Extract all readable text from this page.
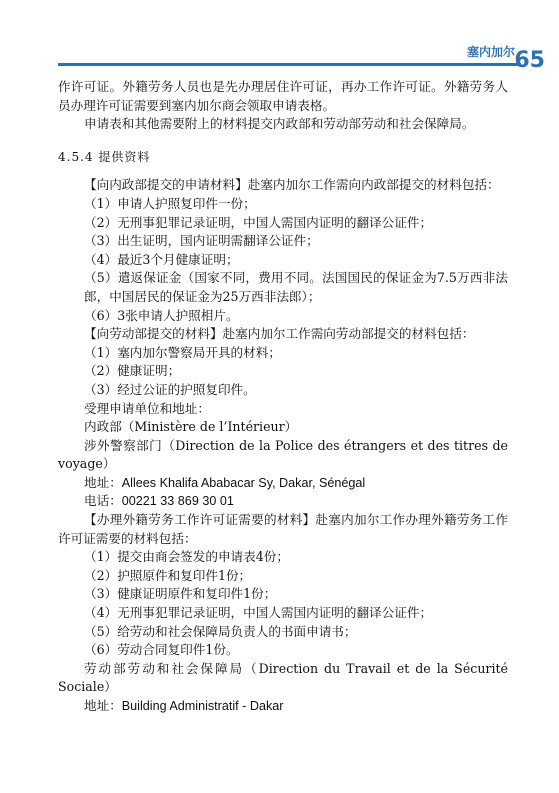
塞内加尔 65

作许可证。外籍劳务人员也是先办理居住许可证，再办工作许可证。外籍劳务人员办理许可证需要到塞内加尔商会领取申请表格。

申请表和其他需要附上的材料提交内政部和劳动部劳动和社会保障局。

4.5.4 提供资料

【向内政部提交的申请材料】赴塞内加尔工作需向内政部提交的材料包括：

（1）申请人护照复印件一份；

（2）无刑事犯罪记录证明，中国人需国内证明的翻译公证件；

（3）出生证明，国内证明需翻译公证件；

（4）最近3个月健康证明；

（5）遣返保证金（国家不同，费用不同。法国国民的保证金为7.5万西非法郎，中国居民的保证金为25万西非法郎）；

（6）3张申请人护照相片。

【向劳动部提交的材料】赴塞内加尔工作需向劳动部提交的材料包括：

（1）塞内加尔警察局开具的材料；

（2）健康证明；

（3）经过公证的护照复印件。

受理申请单位和地址：

内政部（Ministère de l’Intérieur）

涉外警察部门（Direction de la Police des étrangers et des titres de voyage）

地址：Allees Khalifa Ababacar Sy, Dakar, Sénégal

电话：00221 33 869 30 01

【办理外籍劳务工作许可证需要的材料】赴塞内加尔工作办理外籍劳务工作许可证需要的材料包括：

（1）提交由商会签发的申请表4份；

（2）护照原件和复印件1份；

（3）健康证明原件和复印件1份；

（4）无刑事犯罪记录证明，中国人需国内证明的翻译公证件；

（5）给劳动和社会保障局负责人的书面申请书；

（6）劳动合同复印件1份。

劳动部劳动和社会保障局（Direction du Travail et de la Sécurité Sociale）

地址：Building Administratif - Dakar
